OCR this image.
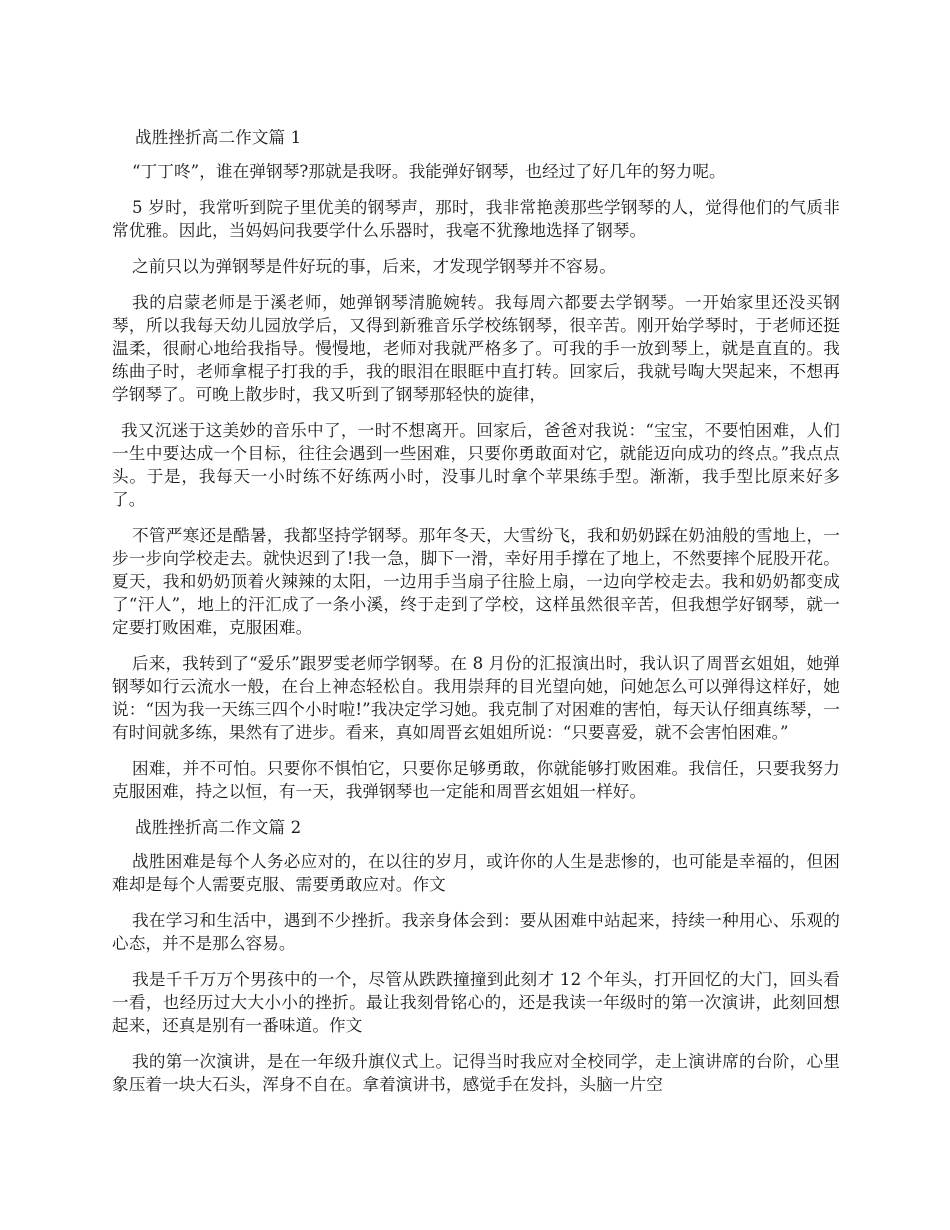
战胜挫折高二作文篇 1

“丁丁咚”，谁在弹钢琴?那就是我呀。我能弹好钢琴，也经过了好几年的努力呢。

5 岁时，我常听到院子里优美的钢琴声，那时，我非常艳羡那些学钢琴的人，觉得他们的气质非常优雅。因此，当妈妈问我要学什么乐器时，我毫不犹豫地选择了钢琴。

之前只以为弹钢琴是件好玩的事，后来，才发现学钢琴并不容易。

我的启蒙老师是于溪老师，她弹钢琴清脆婉转。我每周六都要去学钢琴。一开始家里还没买钢琴，所以我每天幼儿园放学后，又得到新雅音乐学校练钢琴，很辛苦。刚开始学琴时，于老师还挺温柔，很耐心地给我指导。慢慢地，老师对我就严格多了。可我的手一放到琴上，就是直直的。我练曲子时，老师拿棍子打我的手，我的眼泪在眼眶中直打转。回家后，我就号啕大哭起来，不想再学钢琴了。可晚上散步时，我又听到了钢琴那轻快的旋律，

我又沉迷于这美妙的音乐中了，一时不想离开。回家后，爸爸对我说：“宝宝，不要怕困难，人们一生中要达成一个目标，往往会遇到一些困难，只要你勇敢面对它，就能迈向成功的终点。”我点点头。于是，我每天一小时练不好练两小时，没事儿时拿个苹果练手型。渐渐，我手型比原来好多了。

不管严寒还是酷暑，我都坚持学钢琴。那年冬天，大雪纷飞，我和奶奶踩在奶油般的雪地上，一步一步向学校走去。就快迟到了!我一急，脚下一滑，幸好用手撑在了地上，不然要摔个屁股开花。夏天，我和奶奶顶着火辣辣的太阳，一边用手当扇子往脸上扇，一边向学校走去。我和奶奶都变成了“汗人”，地上的汗汇成了一条小溪，终于走到了学校，这样虽然很辛苦，但我想学好钢琴，就一定要打败困难，克服困难。

后来，我转到了“爱乐”跟罗雯老师学钢琴。在 8 月份的汇报演出时，我认识了周晋玄姐姐，她弹钢琴如行云流水一般，在台上神态轻松自。我用崇拜的目光望向她，问她怎么可以弹得这样好，她说：“因为我一天练三四个小时啦!”我决定学习她。我克制了对困难的害怕，每天认仔细真练琴，一有时间就多练，果然有了进步。看来，真如周晋玄姐姐所说：“只要喜爱，就不会害怕困难。”

困难，并不可怕。只要你不惧怕它，只要你足够勇敢，你就能够打败困难。我信任，只要我努力克服困难，持之以恒，有一天，我弹钢琴也一定能和周晋玄姐姐一样好。

战胜挫折高二作文篇 2

战胜困难是每个人务必应对的，在以往的岁月，或许你的人生是悲惨的，也可能是幸福的，但困难却是每个人需要克服、需要勇敢应对。作文

我在学习和生活中，遇到不少挫折。我亲身体会到：要从困难中站起来，持续一种用心、乐观的心态，并不是那么容易。

我是千千万万个男孩中的一个，尽管从跌跌撞撞到此刻才 12 个年头，打开回忆的大门，回头看一看，也经历过大大小小的挫折。最让我刻骨铭心的，还是我读一年级时的第一次演讲，此刻回想起来，还真是别有一番味道。作文

我的第一次演讲，是在一年级升旗仪式上。记得当时我应对全校同学，走上演讲席的台阶，心里象压着一块大石头，浑身不自在。拿着演讲书，感觉手在发抖，头脑一片空
